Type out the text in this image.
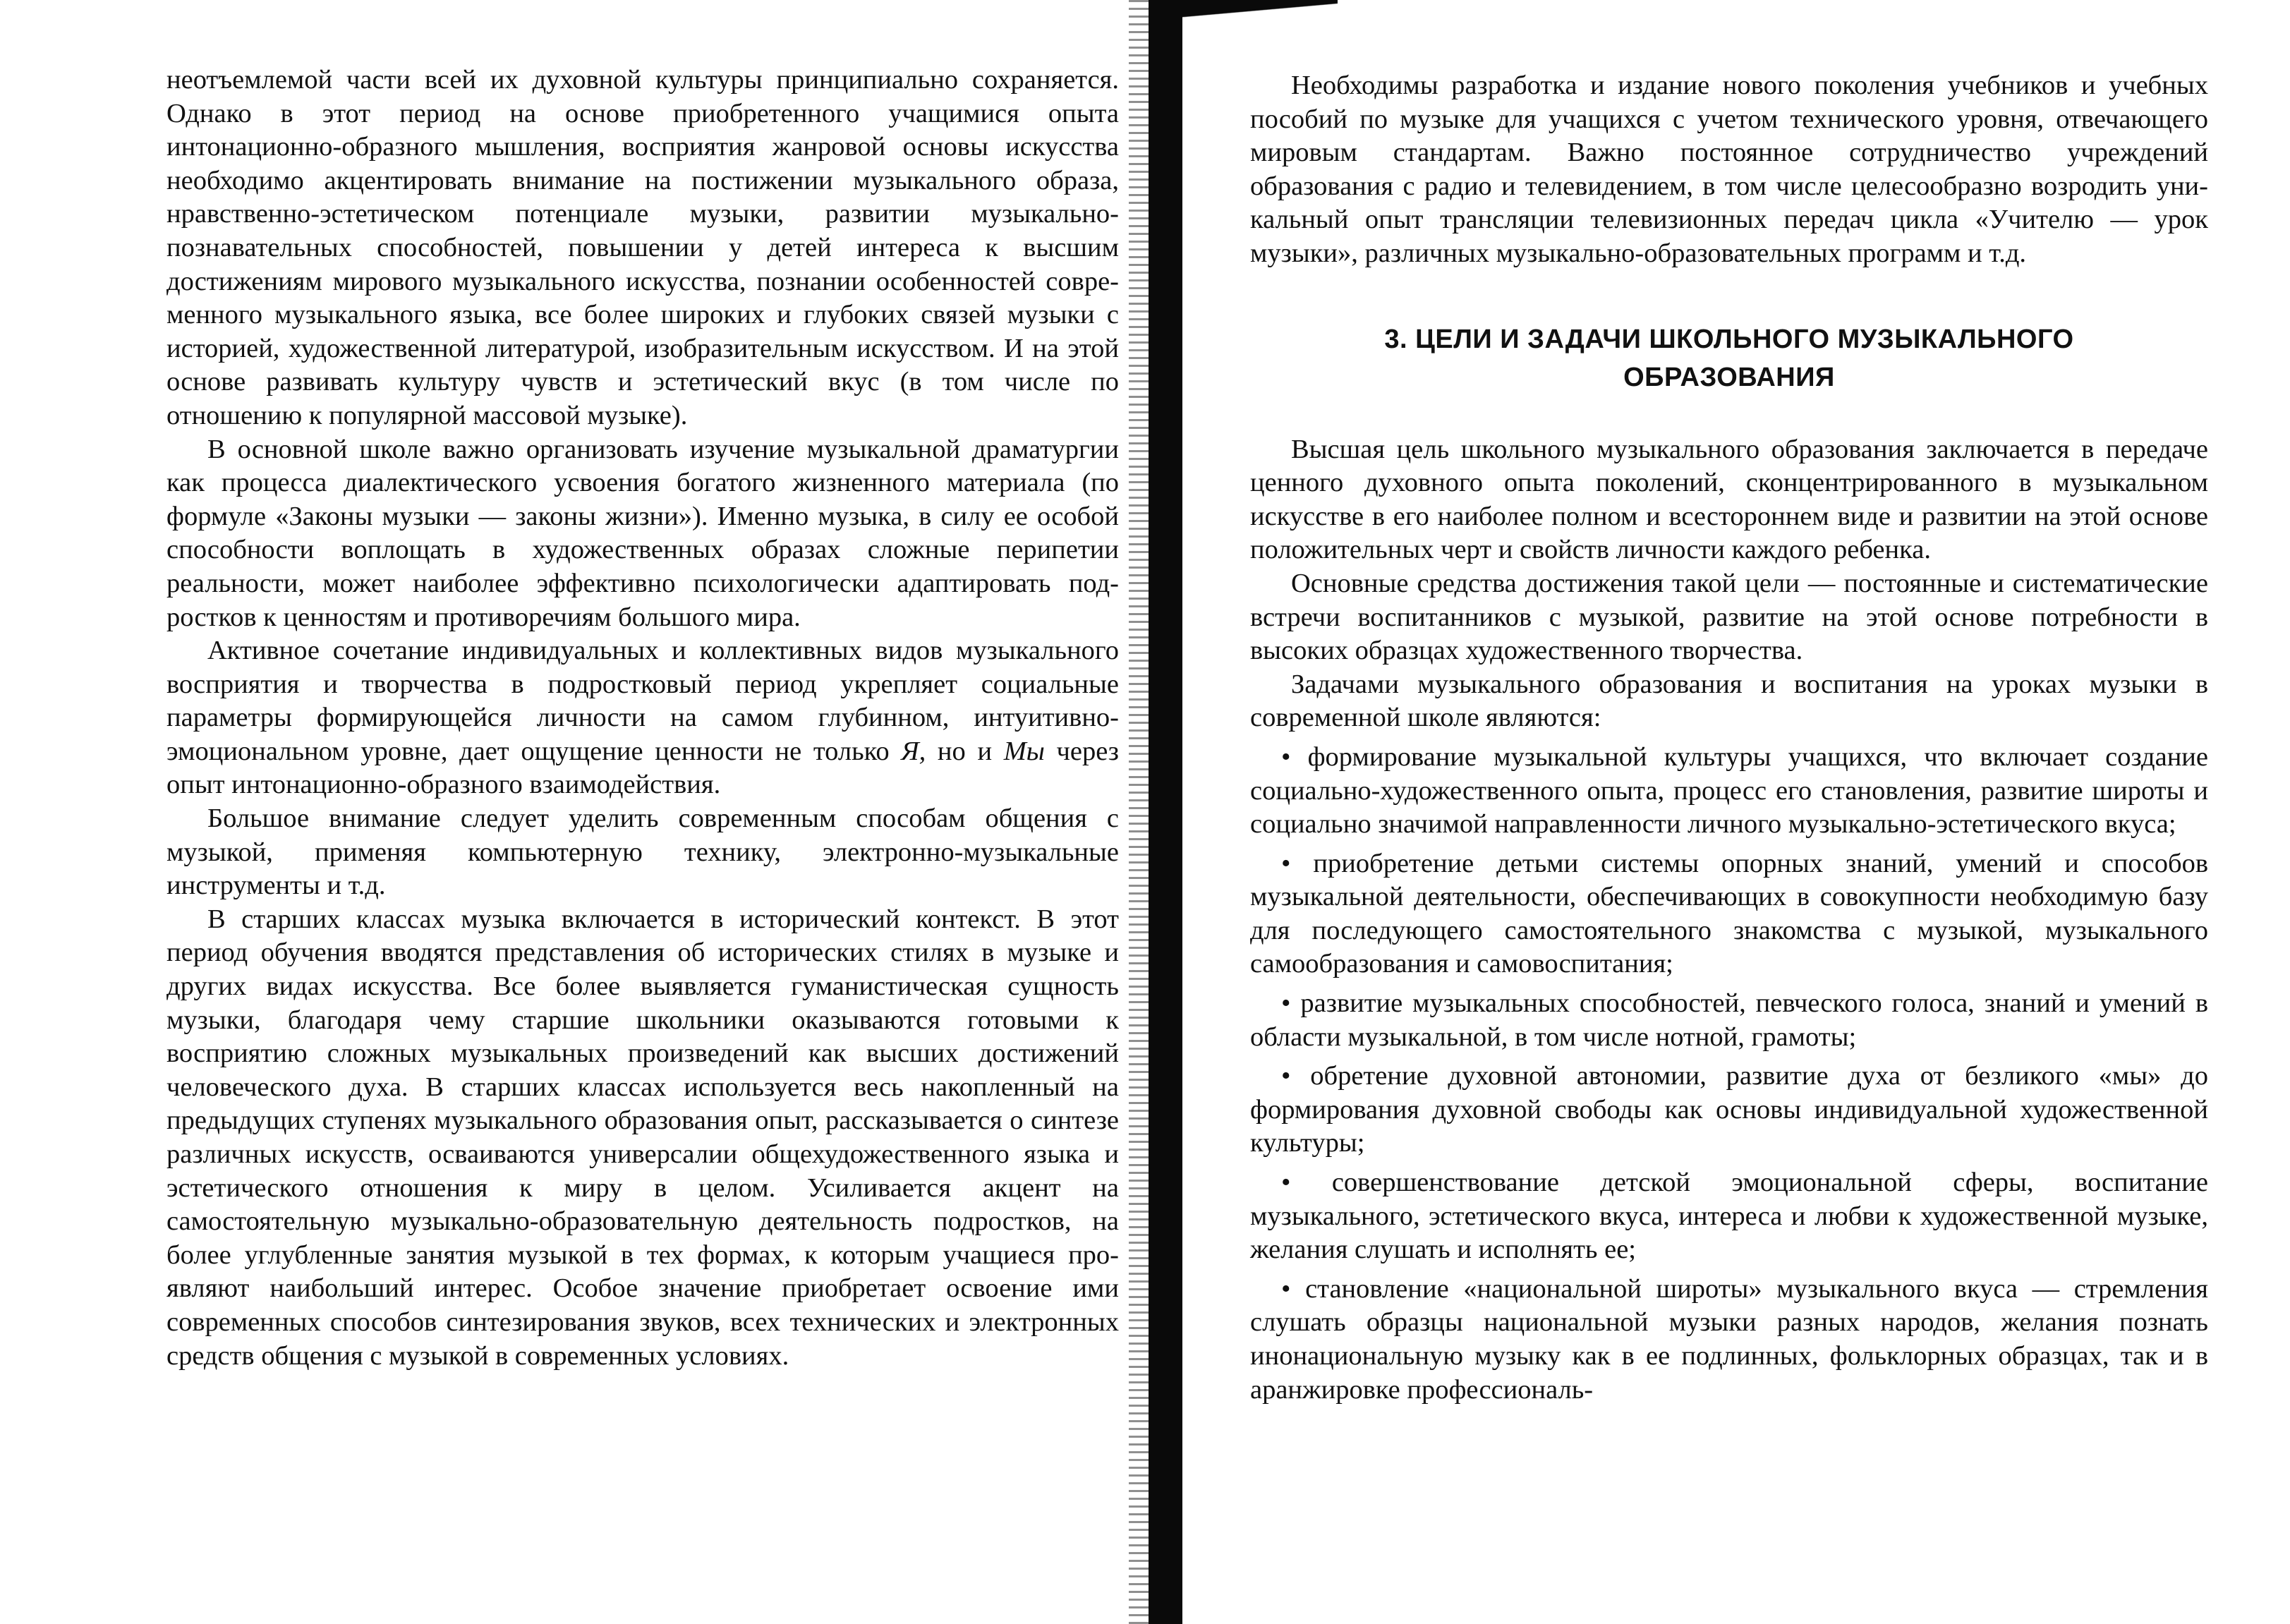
неотъемлемой части всей их духовной культуры принципиально сохраняется. Однако в этот период на основе приобретенного учащимися опыта интонационно-образного мышления, восприятия жанровой основы искусства необходимо акцентировать внимание на постижении музыкального образа, нравственно-эстетическом потенциале музыки, развитии музыкально-познавательных способностей, повышении у детей интереса к высшим достижениям мирового музыкального искусства, познании особенностей современного музыкального языка, все более широких и глубоких связей музыки с историей, художественной литературой, изобразительным искусством. И на этой основе развивать культуру чувств и эстетический вкус (в том числе по отношению к популярной массовой музыке).

В основной школе важно организовать изучение музыкальной драматургии как процесса диалектического усвоения богатого жизненного материала (по формуле «Законы музыки — законы жизни»). Именно музыка, в силу ее особой способности воплощать в художественных образах сложные перипетии реальности, может наиболее эффективно психологически адаптировать подростков к ценностям и противоречиям большого мира.

Активное сочетание индивидуальных и коллективных видов музыкального восприятия и творчества в подростковый период укрепляет социальные параметры формирующейся личности на самом глубинном, интуитивно-эмоциональном уровне, дает ощущение ценности не только Я, но и Мы через опыт интонационно-образного взаимодействия.

Большое внимание следует уделить современным способам общения с музыкой, применяя компьютерную технику, электронно-музыкальные инструменты и т.д.

В старших классах музыка включается в исторический контекст. В этот период обучения вводятся представления об исторических стилях в музыке и других видах искусства. Все более выявляется гуманистическая сущность музыки, благодаря чему старшие школьники оказываются готовыми к восприятию сложных музыкальных произведений как высших достижений человеческого духа. В старших классах используется весь накопленный на предыдущих ступенях музыкального образования опыт, рассказывается о синтезе различных искусств, осваиваются универсалии общехудожественного языка и эстетического отношения к миру в целом. Усиливается акцент на самостоятельную музыкально-образовательную деятельность подростков, на более углубленные занятия музыкой в тех формах, к которым учащиеся проявляют наибольший интерес. Особое значение приобретает освоение ими современных способов синтезирования звуков, всех технических и электронных средств общения с музыкой в современных условиях.

Необходимы разработка и издание нового поколения учебников и учебных пособий по музыке для учащихся с учетом технического уровня, отвечающего мировым стандартам. Важно постоянное сотрудничество учреждений образования с радио и телевидением, в том числе целесообразно возродить уникальный опыт трансляции телевизионных передач цикла «Учителю — урок музыки», различных музыкально-образовательных программ и т.д.

3. ЦЕЛИ И ЗАДАЧИ ШКОЛЬНОГО МУЗЫКАЛЬНОГО
ОБРАЗОВАНИЯ

Высшая цель школьного музыкального образования заключается в передаче ценного духовного опыта поколений, сконцентрированного в музыкальном искусстве в его наиболее полном и всестороннем виде и развитии на этой основе положительных черт и свойств личности каждого ребенка.

Основные средства достижения такой цели — постоянные и систематические встречи воспитанников с музыкой, развитие на этой основе потребности в высоких образцах художественного творчества.

Задачами музыкального образования и воспитания на уроках музыки в современной школе являются:

• формирование музыкальной культуры учащихся, что включает создание социально-художественного опыта, процесс его становления, развитие широты и социально значимой направленности личного музыкально-эстетического вкуса;

• приобретение детьми системы опорных знаний, умений и способов музыкальной деятельности, обеспечивающих в совокупности необходимую базу для последующего самостоятельного знакомства с музыкой, музыкального самообразования и самовоспитания;

• развитие музыкальных способностей, певческого голоса, знаний и умений в области музыкальной, в том числе нотной, грамоты;

• обретение духовной автономии, развитие духа от безликого «мы» до формирования духовной свободы как основы индивидуальной художественной культуры;

• совершенствование детской эмоциональной сферы, воспитание музыкального, эстетического вкуса, интереса и любви к художественной музыке, желания слушать и исполнять ее;

• становление «национальной широты» музыкального вкуса — стремления слушать образцы национальной музыки разных народов, желания познать инонациональную музыку как в ее подлинных, фольклорных образцах, так и в аранжировке профессиональ-
